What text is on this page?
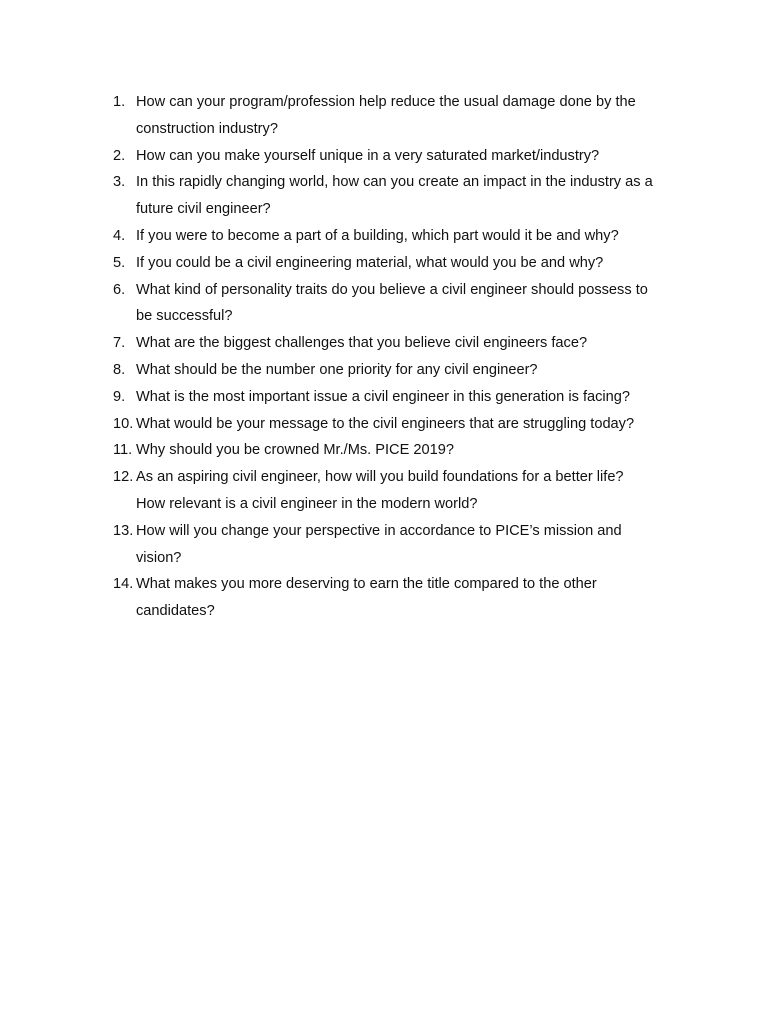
1. How can your program/profession help reduce the usual damage done by the
construction industry?
2. How can you make yourself unique in a very saturated market/industry?
3. In this rapidly changing world, how can you create an impact in the industry as a
future civil engineer?
4. If you were to become a part of a building, which part would it be and why?
5. If you could be a civil engineering material, what would you be and why?
6. What kind of personality traits do you believe a civil engineer should possess to
be successful?
7. What are the biggest challenges that you believe civil engineers face?
8. What should be the number one priority for any civil engineer?
9. What is the most important issue a civil engineer in this generation is facing?
10. What would be your message to the civil engineers that are struggling today?
11. Why should you be crowned Mr./Ms. PICE 2019?
12. As an aspiring civil engineer, how will you build foundations for a better life?
How relevant is a civil engineer in the modern world?
13. How will you change your perspective in accordance to PICE’s mission and
vision?
14. What makes you more deserving to earn the title compared to the other
candidates?
